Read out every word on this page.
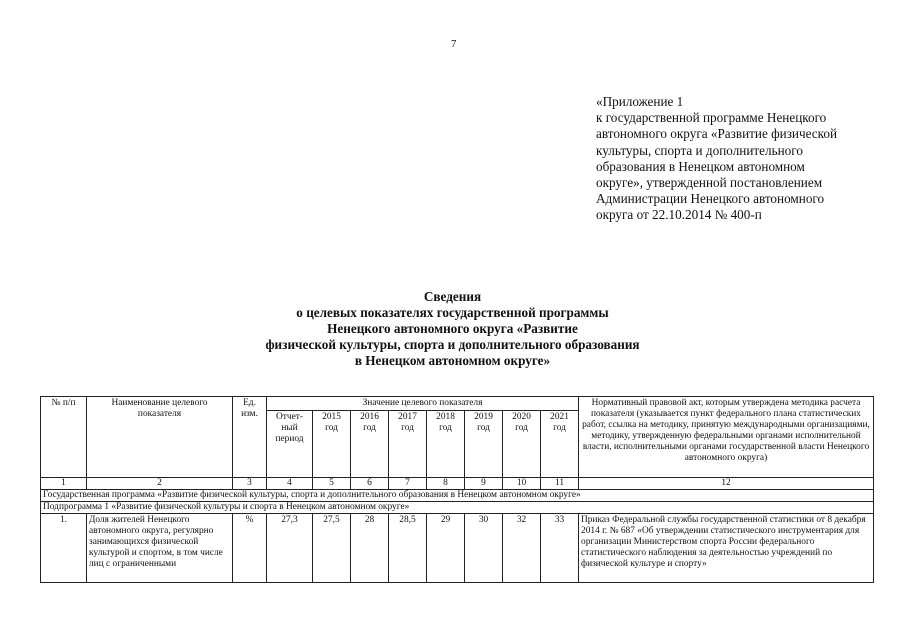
7
«Приложение 1
к государственной программе Ненецкого
автономного округа «Развитие физической
культуры, спорта и дополнительного
образования в Ненецком автономном
округе», утвержденной постановлением
Администрации Ненецкого автономного
округа от 22.10.2014 № 400-п
Сведения
о целевых показателях государственной программы
Ненецкого автономного округа «Развитие
физической культуры, спорта и дополнительного образования
в Ненецком автономном округе»
№ п/п	Наименование целевого показателя	Ед. изм.	Значение целевого показателя								Нормативный правовой акт, которым утверждена методика расчета показателя (указывается пункт федерального плана статистических работ, ссылка на методику, принятую международными организациями, методику, утвержденную федеральными органами исполнительной власти, исполнительными органами государственной власти Ненецкого автономного округа)
			Отчет-ный период	2015 год	2016 год	2017 год	2018 год	2019 год	2020 год	2021 год	
1	2	3	4	5	6	7	8	9	10	11	12
Государственная программа «Развитие физической культуры, спорта и дополнительного образования в Ненецком автономном округе»											
Подпрограмма 1 «Развитие физической культуры и спорта в Ненецком автономном округе»											
1.	Доля жителей Ненецкого автономного округа, регулярно занимающихся физической культурой и спортом, в том числе лиц с ограниченными	%	27,3	27,5	28	28,5	29	30	32	33	Приказ Федеральной службы государственной статистики от 8 декабря 2014 г. № 687 «Об утверждении статистического инструментария для организации Министерством спорта России федерального статистического наблюдения за деятельностью учреждений по физической культуре и спорту»
